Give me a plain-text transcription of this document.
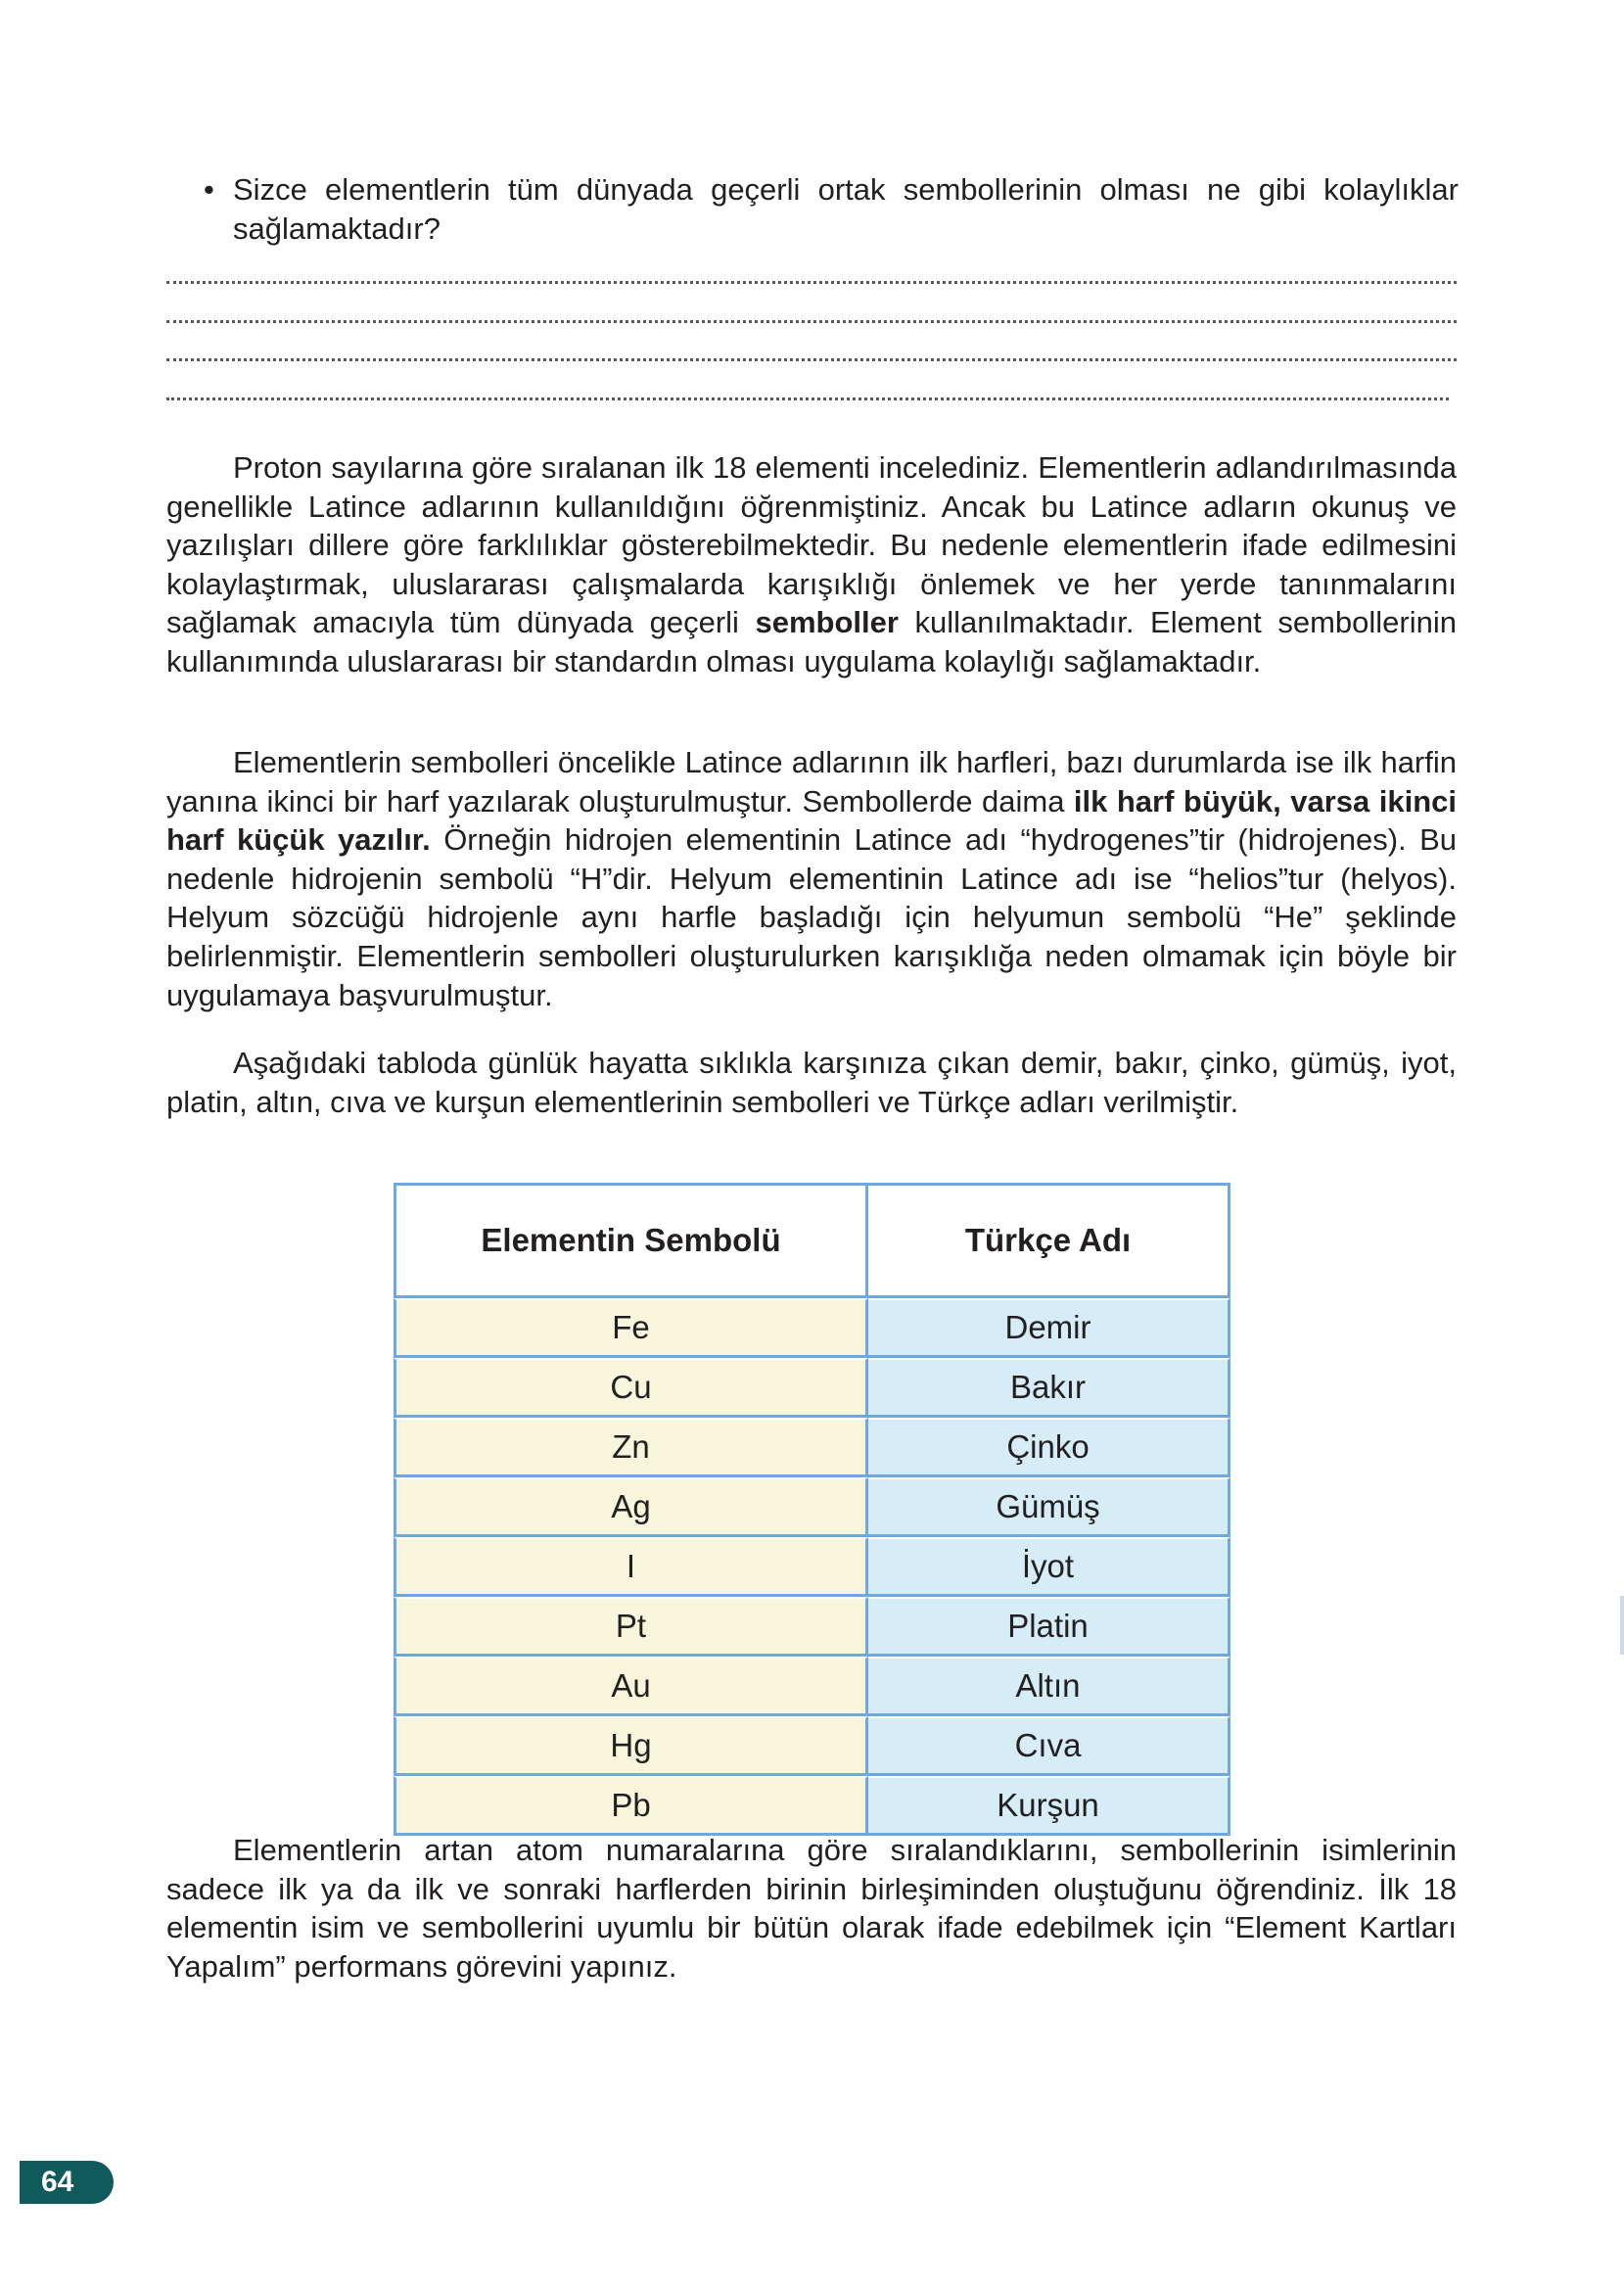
• Sizce elementlerin tüm dünyada geçerli ortak sembollerinin olması ne gibi kolaylıklar sağlamaktadır?

Proton sayılarına göre sıralanan ilk 18 elementi incelediniz. Elementlerin adlandırılmasında genellikle Latince adlarının kullanıldığını öğrenmiştiniz. Ancak bu Latince adların okunuş ve yazılışları dillere göre farklılıklar gösterebilmektedir. Bu nedenle elementlerin ifade edilmesini kolaylaştırmak, uluslararası çalışmalarda karışıklığı önlemek ve her yerde tanınmalarını sağlamak amacıyla tüm dünyada geçerli semboller kullanılmaktadır. Element sembollerinin kullanımında uluslararası bir standardın olması uygulama kolaylığı sağlamaktadır.

Elementlerin sembolleri öncelikle Latince adlarının ilk harfleri, bazı durumlarda ise ilk harfin yanına ikinci bir harf yazılarak oluşturulmuştur. Sembollerde daima ilk harf büyük, varsa ikinci harf küçük yazılır. Örneğin hidrojen elementinin Latince adı “hydrogenes”tir (hidrojenes). Bu nedenle hidrojenin sembolü “H”dir. Helyum elementinin Latince adı ise “helios”tur (helyos). Helyum sözcüğü hidrojenle aynı harfle başladığı için helyumun sembolü “He” şeklinde belirlenmiştir. Elementlerin sembolleri oluşturulurken karışıklığa neden olmamak için böyle bir uygulamaya başvurulmuştur.

Aşağıdaki tabloda günlük hayatta sıklıkla karşınıza çıkan demir, bakır, çinko, gümüş, iyot, platin, altın, cıva ve kurşun elementlerinin sembolleri ve Türkçe adları verilmiştir.

Elementin Sembolü	Türkçe Adı
Fe	Demir
Cu	Bakır
Zn	Çinko
Ag	Gümüş
I	İyot
Pt	Platin
Au	Altın
Hg	Cıva
Pb	Kurşun

Elementlerin artan atom numaralarına göre sıralandıklarını, sembollerinin isimlerinin sadece ilk ya da ilk ve sonraki harflerden birinin birleşiminden oluştuğunu öğrendiniz. İlk 18 elementin isim ve sembollerini uyumlu bir bütün olarak ifade edebilmek için “Element Kartları Yapalım” performans görevini yapınız.

64
